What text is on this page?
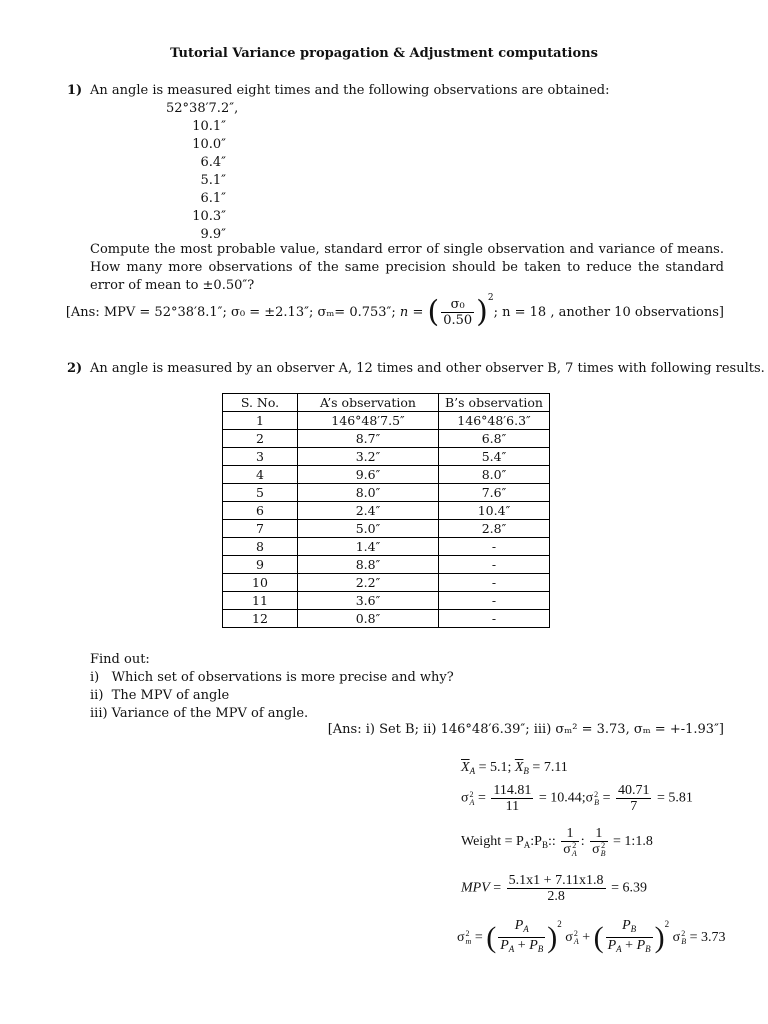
Tutorial Variance propagation & Adjustment computations
1) An angle is measured eight times and the following observations are obtained:
52°38′7.2″,
10.1″
10.0″
6.4″
5.1″
6.1″
10.3″
9.9″
Compute the most probable value, standard error of single observation and variance of means. How many more observations of the same precision should be taken to reduce the standard error of mean to ±0.50″?
[Ans: MPV = 52°38′8.1″; σ₀ = ±2.13″; σₘ= 0.753″; n = ( $\frac{\text{σ₀}}{0.50} )^2$; n = 18 , another 10 observations]
2) An angle is measured by an observer A, 12 times and other observer B, 7 times with following results.
S. No.	A’s observation	B’s observation
1	146°48′7.5″	146°48′6.3″
2	8.7″	6.8″
3	3.2″	5.4″
4	9.6″	8.0″
5	8.0″	7.6″
6	2.4″	10.4″
7	5.0″	2.8″
8	1.4″	-
9	8.8″	-
10	2.2″	-
11	3.6″	-
12	0.8″	-
Find out:
i)   Which set of observations is more precise and why?
ii)  The MPV of angle
iii) Variance of the MPV of angle.
[Ans: i) Set B; ii) 146°48′6.39″; iii) σₘ² = 3.73, σₘ = +-1.93″]
$\overline{X}_A = 5.1$; $\overline{X}_B = 7.11$
σ 2
$A = \frac{114.81}{11}$ = 10.44;σ 2
$B = \frac{40.71}{7} = 5.81$
Weight = $P_A:P_B$:: 1
σ 2
A : 1
σ 2
B = 1:1.8
MPV = $\frac{5.1x1 + 7.11x1.8}{2.8} = 6.39$
σ 2
m = ( $\frac{P_A}{P_A + P_B} )^2$ σ 2
A + ( $\frac{P_B}{P_A + P_B} )^2$ σ 2
B = 3.73
